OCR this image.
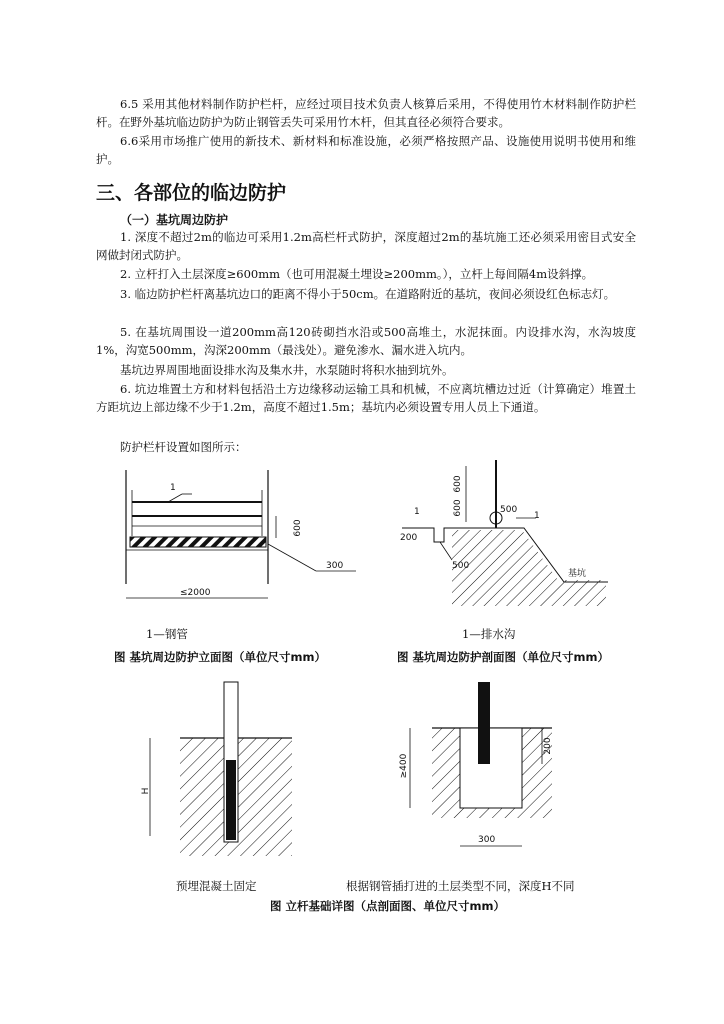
6.5 采用其他材料制作防护栏杆，应经过项目技术负责人核算后采用，不得使用竹木材料制作防护栏杆。在野外基坑临边防护为防止钢管丢失可采用竹木杆，但其直径必须符合要求。

6.6采用市场推广使用的新技术、新材料和标准设施，必须严格按照产品、设施使用说明书使用和维护。

三、各部位的临边防护
（一）基坑周边防护

1. 深度不超过2m的临边可采用1.2m高栏杆式防护，深度超过2m的基坑施工还必须采用密目式安全网做封闭式防护。

2. 立杆打入土层深度≥600mm（也可用混凝土埋设≥200mm。），立杆上每间隔4m设斜撑。

3. 临边防护栏杆离基坑边口的距离不得小于50cm。在道路附近的基坑，夜间必须设红色标志灯。

5. 在基坑周围设一道200mm高120砖砌挡水沿或500高堆土，水泥抹面。内设排水沟，水沟坡度1%，沟宽500mm，沟深200mm（最浅处）。避免渗水、漏水进入坑内。

基坑边界周围地面设排水沟及集水井，水泵随时将积水抽到坑外。

6. 坑边堆置土方和材料包括沿土方边缘移动运输工具和机械，不应离坑槽边过近（计算确定）堆置土方距坑边上部边缘不少于1.2m，高度不超过1.5m；基坑内必须设置专用人员上下通道。

防护栏杆设置如图所示：

1
600
300
≤2000
600
600	500
1
1
200
500
基坑

1—钢管	1—排水沟

图 基坑周边防护立面图（单位尺寸mm）	图 基坑周边防护剖面图（单位尺寸mm）

H
≥400
200
300

预埋混凝土固定	根据钢管插打进的土层类型不同，深度H不同

图 立杆基础详图（点剖面图、单位尺寸mm）
